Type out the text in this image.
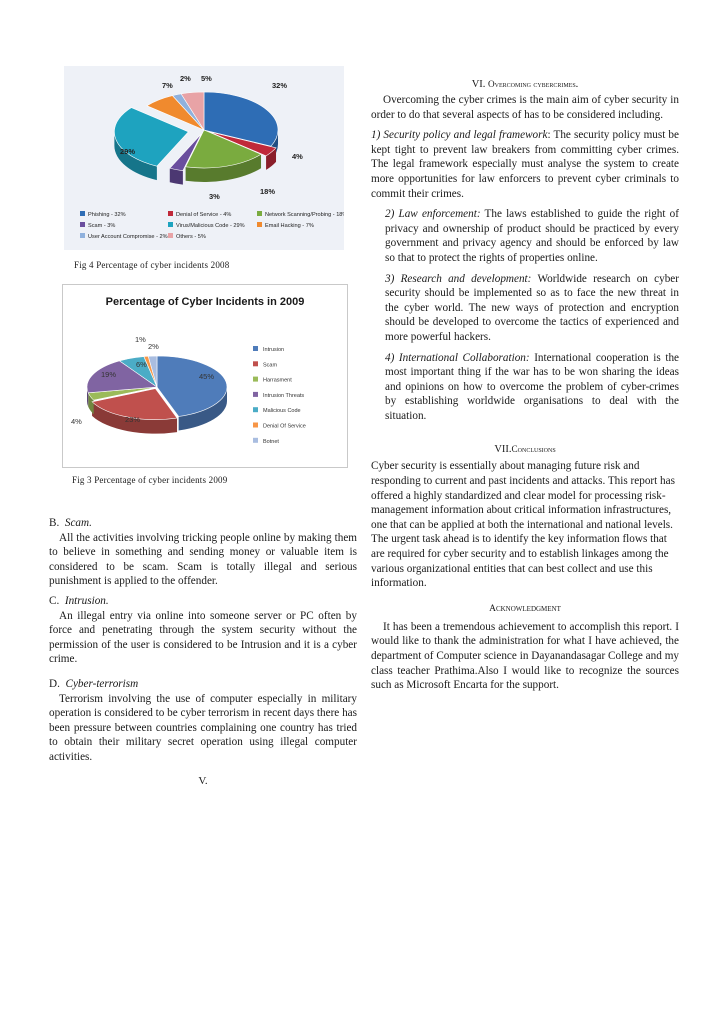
32%
4%
18%
3%
29%
7%
2% 5%
Phishing - 32%	Denial of Service - 4%	Network Scanning/Probing - 18%
Scam - 3%	Virus/Malicious Code - 29%	Email Hacking - 7%
User Account Compromise - 2% Others - 5%
Fig 4 Percentage of cyber incidents 2008
Percentage of Cyber Incidents in 2009
45%
23%
4%
19%
6%
1%
2%	Intrusion
Scam
Harrasment
Intrusion Threats
Malicious Code
Denial Of Service
Botnet
Fig 3 Percentage of cyber incidents 2009
B. Scam.

All the activities involving tricking people online by making them to believe in something and sending money or valuable item is considered to be scam. Scam is totally illegal and serious punishment is applied to the offender.

C. Intrusion.

An illegal entry via online into someone server or PC often by force and penetrating through the system security without the permission of the user is considered to be Intrusion and it is a cyber crime.

D. Cyber-terrorism

Terrorism involving the use of computer especially in military operation is considered to be cyber terrorism in recent days there has been pressure between countries complaining one country has tried to obtain their military secret operation using illegal computer activities.

V.
VI. Overcoming cybercrimes.

Overcoming the cyber crimes is the main aim of cyber security in order to do that several aspects of has to be considered including.

1) Security policy and legal framework: The security policy must be kept tight to prevent law breakers from committing cyber crimes. The legal framework especially must analyse the system to create more opportunities for law enforcers to prevent cyber criminals to commit their crimes.
2) Law enforcement: The laws established to guide the right of privacy and ownership of product should be practiced by every government and privacy agency and should be enforced by law so that to protect the rights of properties online.
3) Research and development: Worldwide research on cyber security should be implemented so as to face the new threat in the cyber world. The new ways of protection and encryption should be developed to overcome the tactics of experienced and more powerful hackers.
4) International Collaboration: International cooperation is the most important thing if the war has to be won sharing the ideas and opinions on how to overcome the problem of cyber-crimes by establishing worldwide organisations to deal with the situation.
VII.Conclusions

Cyber security is essentially about managing future risk and responding to current and past incidents and attacks. This report has offered a highly standardized and clear model for processing risk-management information about critical information infrastructures, one that can be applied at both the international and national levels. The urgent task ahead is to identify the key information flows that are required for cyber security and to establish linkages among the various organizational entities that can best collect and use this information.

Acknowledgment

It has been a tremendous achievement to accomplish this report. I would like to thank the administration for what I have achieved, the department of Computer science in Dayanandasagar College and my class teacher Prathima.Also I would like to recognize the sources such as Microsoft Encarta for the support.
